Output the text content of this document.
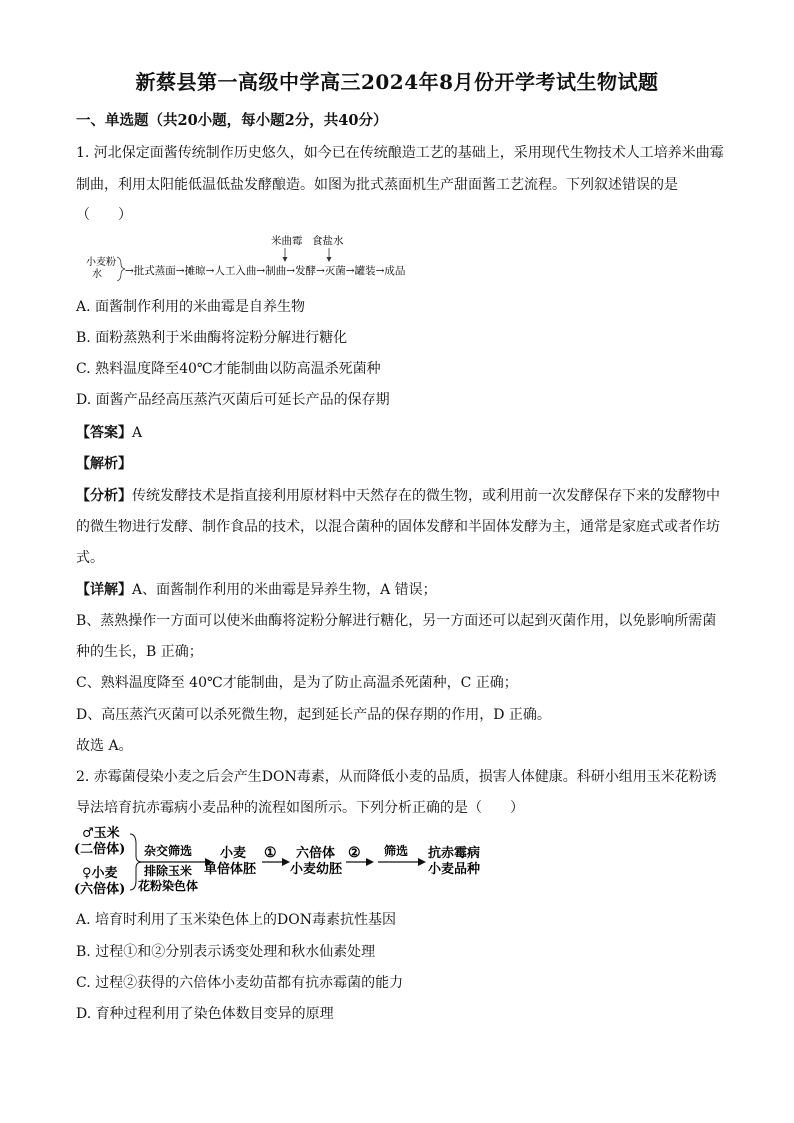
新蔡县第一高级中学高三2024年8月份开学考试生物试题
一、单选题（共20小题，每小题2分，共40分）
1. 河北保定面酱传统制作历史悠久，如今已在传统酿造工艺的基础上，采用现代生物技术人工培养米曲霉
制曲，利用太阳能低温低盐发酵酿造。如图为批式蒸面机生产甜面酱工艺流程。下列叙述错误的是
（　　）
米曲霉 食盐水
小麦粉
水 →批式蒸面→摊晾→人工入曲→制曲→发酵→灭菌→罐装→成品
A. 面酱制作利用的米曲霉是自养生物
B. 面粉蒸熟利于米曲酶将淀粉分解进行糖化
C. 熟料温度降至40℃才能制曲以防高温杀死菌种
D. 面酱产品经高压蒸汽灭菌后可延长产品的保存期
【答案】A
【解析】
【分析】传统发酵技术是指直接利用原材料中天然存在的微生物，或利用前一次发酵保存下来的发酵物中
的微生物进行发酵、制作食品的技术，以混合菌种的固体发酵和半固体发酵为主，通常是家庭式或者作坊
式。
【详解】A、面酱制作利用的米曲霉是异养生物，A 错误；
B、蒸熟操作一方面可以使米曲酶将淀粉分解进行糖化，另一方面还可以起到灭菌作用，以免影响所需菌
种的生长，B 正确；
C、熟料温度降至 40℃才能制曲，是为了防止高温杀死菌种，C 正确；
D、高压蒸汽灭菌可以杀死微生物，起到延长产品的保存期的作用，D 正确。
故选 A。
2. 赤霉菌侵染小麦之后会产生DON毒素，从而降低小麦的品质，损害人体健康。科研小组用玉米花粉诱
导法培育抗赤霉病小麦品种的流程如图所示。下列分析正确的是（　　）
♂玉米
(二倍体)
♀小麦
(六倍体)
杂交筛选
排除玉米
花粉染色体
小麦
单倍体胚
① 六倍体
小麦幼胚
② 筛选 抗赤霉病
小麦品种
A. 培育时利用了玉米染色体上的DON毒素抗性基因
B. 过程①和②分别表示诱变处理和秋水仙素处理
C. 过程②获得的六倍体小麦幼苗都有抗赤霉菌的能力
D. 育种过程利用了染色体数目变异的原理
